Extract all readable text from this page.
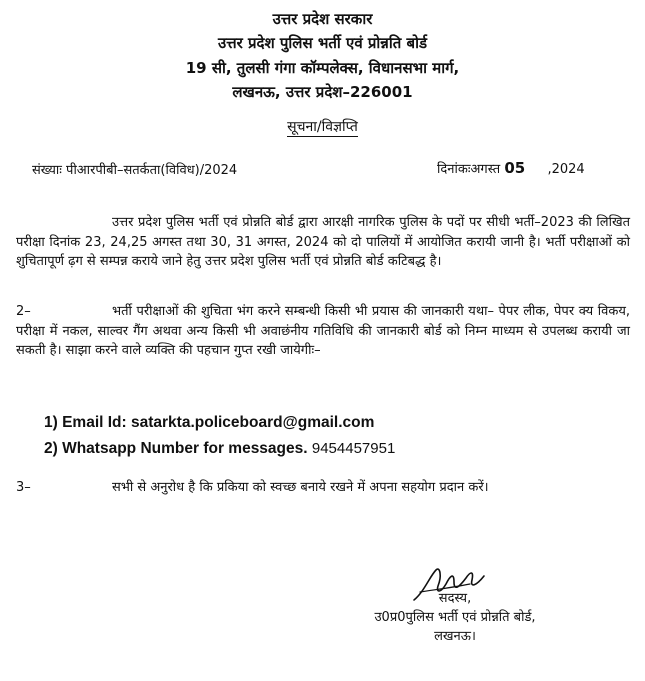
उत्तर प्रदेश सरकार
उत्तर प्रदेश पुलिस भर्ती एवं प्रोन्नति बोर्ड
19 सी, तुलसी गंगा कॉम्पलेक्स, विधानसभा मार्ग,
लखनऊ, उत्तर प्रदेश–226001
सूचना/विज्ञप्ति
संख्याः पीआरपीबी–सतर्कता(विविध)/2024	दिनांकःअगस्त 05 ,2024
उत्तर प्रदेश पुलिस भर्ती एवं प्रोन्नति बोर्ड द्वारा आरक्षी नागरिक पुलिस के पदों पर सीधी भर्ती–2023 की लिखित परीक्षा दिनांक 23, 24,25 अगस्त तथा 30, 31 अगस्त, 2024 को दो पालियों में आयोजित करायी जानी है। भर्ती परीक्षाओं को शुचितापूर्ण ढ़ग से सम्पन्न कराये जाने हेतु उत्तर प्रदेश पुलिस भर्ती एवं प्रोन्नति बोर्ड कटिबद्ध है।
2–	भर्ती परीक्षाओं की शुचिता भंग करने सम्बन्धी किसी भी प्रयास की जानकारी यथा– पेपर लीक, पेपर क्य विकय, परीक्षा में नकल, साल्वर गैंग अथवा अन्य किसी भी अवाछंनीय गतिविधि की जानकारी बोर्ड को निम्न माध्यम से उपलब्ध करायी जा सकती है। साझा करने वाले व्यक्ति की पहचान गुप्त रखी जायेगीः–
1) Email Id: satarkta.policeboard@gmail.com
2) Whatsapp Number for messages. 9454457951
3–	सभी से अनुरोध है कि प्रकिया को स्वच्छ बनाये रखने में अपना सहयोग प्रदान करें।
सदस्य,
उ0प्र0पुलिस भर्ती एवं प्रोन्नति बोर्ड,
लखनऊ।
